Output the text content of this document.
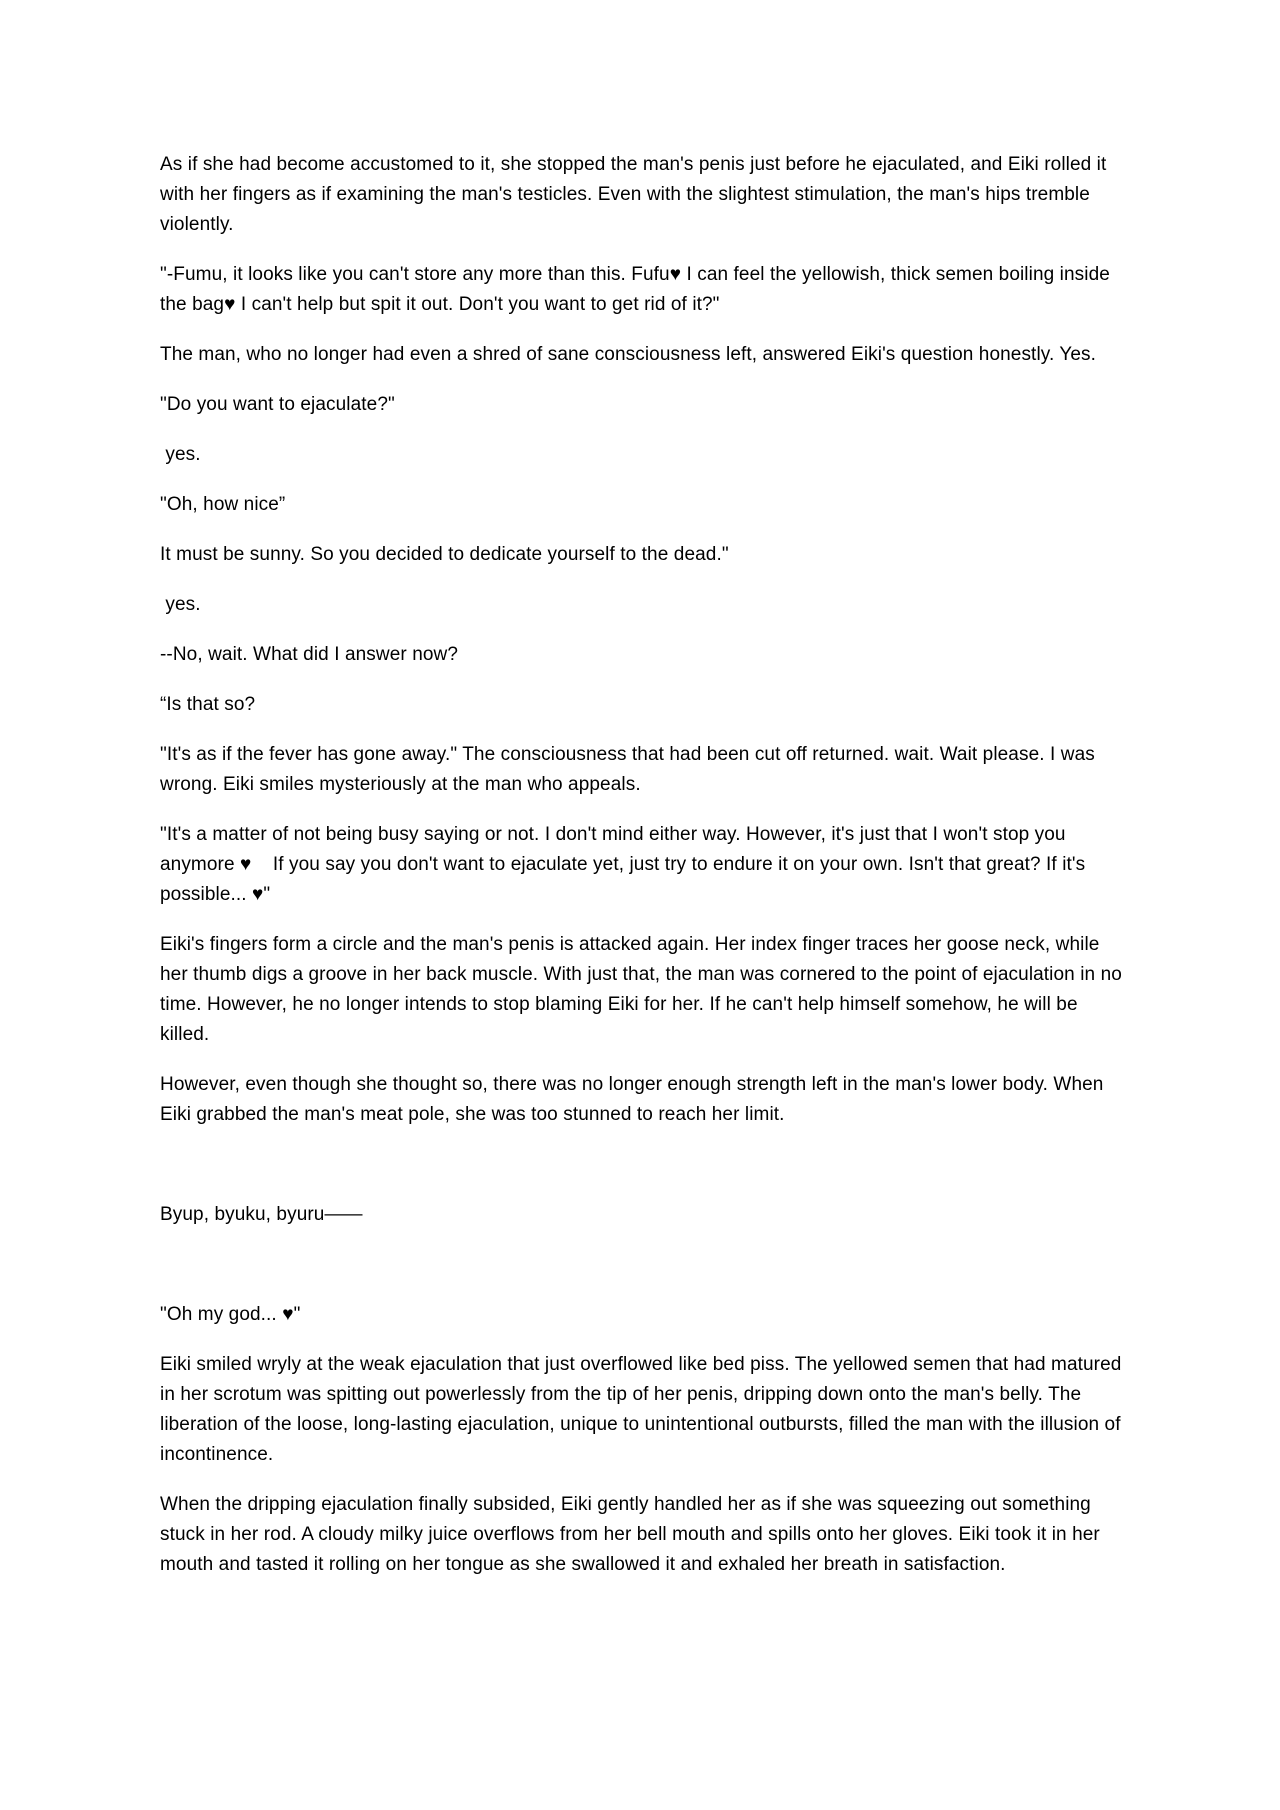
As if she had become accustomed to it, she stopped the man's penis just before he ejaculated, and Eiki rolled it with her fingers as if examining the man's testicles. Even with the slightest stimulation, the man's hips tremble violently.

"-Fumu, it looks like you can't store any more than this. Fufu♥ I can feel the yellowish, thick semen boiling inside the bag♥ I can't help but spit it out. Don't you want to get rid of it?"

The man, who no longer had even a shred of sane consciousness left, answered Eiki's question honestly. Yes.

"Do you want to ejaculate?"

yes.

"Oh, how nice”

It must be sunny. So you decided to dedicate yourself to the dead."

yes.

--No, wait. What did I answer now?

“Is that so?

"It's as if the fever has gone away." The consciousness that had been cut off returned. wait. Wait please. I was wrong. Eiki smiles mysteriously at the man who appeals.

"It's a matter of not being busy saying or not. I don't mind either way. However, it's just that I won't stop you anymore ♥    If you say you don't want to ejaculate yet, just try to endure it on your own. Isn't that great? If it's possible... ♥"

Eiki's fingers form a circle and the man's penis is attacked again. Her index finger traces her goose neck, while her thumb digs a groove in her back muscle. With just that, the man was cornered to the point of ejaculation in no time. However, he no longer intends to stop blaming Eiki for her. If he can't help himself somehow, he will be killed.

However, even though she thought so, there was no longer enough strength left in the man's lower body. When Eiki grabbed the man's meat pole, she was too stunned to reach her limit.

Byup, byuku, byuru——

"Oh my god... ♥"

Eiki smiled wryly at the weak ejaculation that just overflowed like bed piss. The yellowed semen that had matured in her scrotum was spitting out powerlessly from the tip of her penis, dripping down onto the man's belly. The liberation of the loose, long-lasting ejaculation, unique to unintentional outbursts, filled the man with the illusion of incontinence.

When the dripping ejaculation finally subsided, Eiki gently handled her as if she was squeezing out something stuck in her rod. A cloudy milky juice overflows from her bell mouth and spills onto her gloves. Eiki took it in her mouth and tasted it rolling on her tongue as she swallowed it and exhaled her breath in satisfaction.
